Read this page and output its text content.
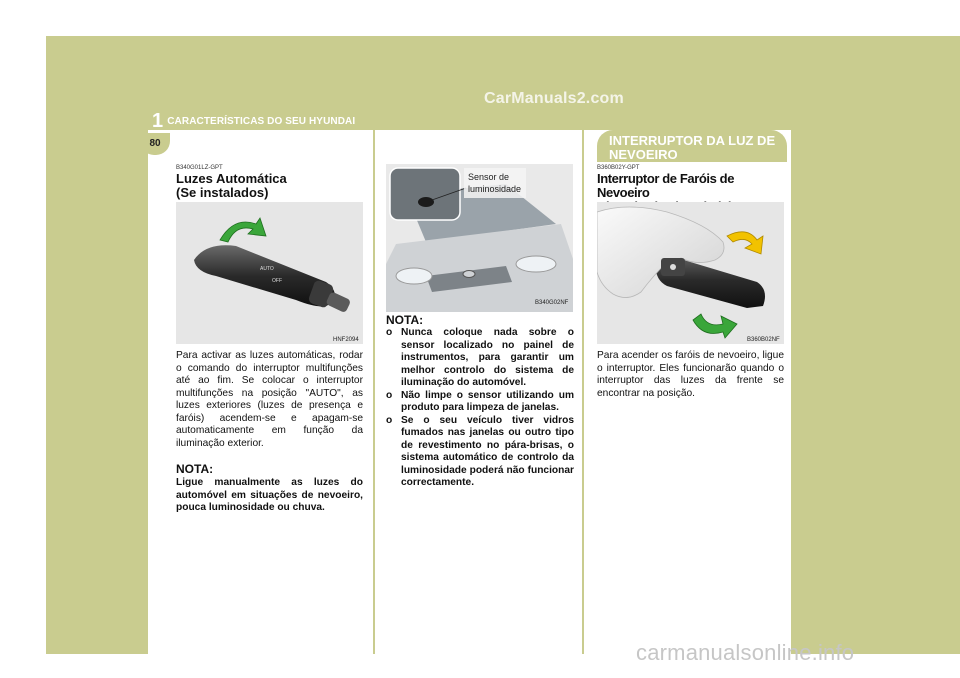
1 CARACTERÍSTICAS DO SEU HYUNDAI
CarManuals2.com
80
B340G01LZ-GPT
Luzes Automática
(Se instalados)
AUTO
OFF
HNF2094
Para activar as luzes automáticas, rodar o comando do interruptor multifunções até ao fim. Se colocar o interruptor multifunções na posição "AUTO", as luzes exteriores (luzes de presença e faróis) acendem-se e apagam-se automaticamente em função da iluminação exterior.
NOTA:
Ligue manualmente as luzes do automóvel em situações de nevoeiro, pouca luminosidade ou chuva.
Sensor de
luminosidade
B340G02NF
NOTA:
o Nunca coloque nada sobre o sensor localizado no painel de instrumentos, para garantir um melhor controlo do sistema de iluminação do automóvel.
o Não limpe o sensor utilizando um produto para limpeza de janelas.
o Se o seu veículo tiver vidros fumados nas janelas ou outro tipo de revestimento no pára-brisas, o sistema automático de controlo da luminosidade poderá não funcionar correctamente.
INTERRUPTOR DA LUZ DE
NEVOEIRO
B360B02Y-GPT
Interruptor de Faróis de Nevoeiro
B360B02NF
Para acender os faróis de nevoeiro, ligue o interruptor. Eles funcionarão quando o interruptor das luzes da frente se encontrar na posição.
carmanualsonline.info
